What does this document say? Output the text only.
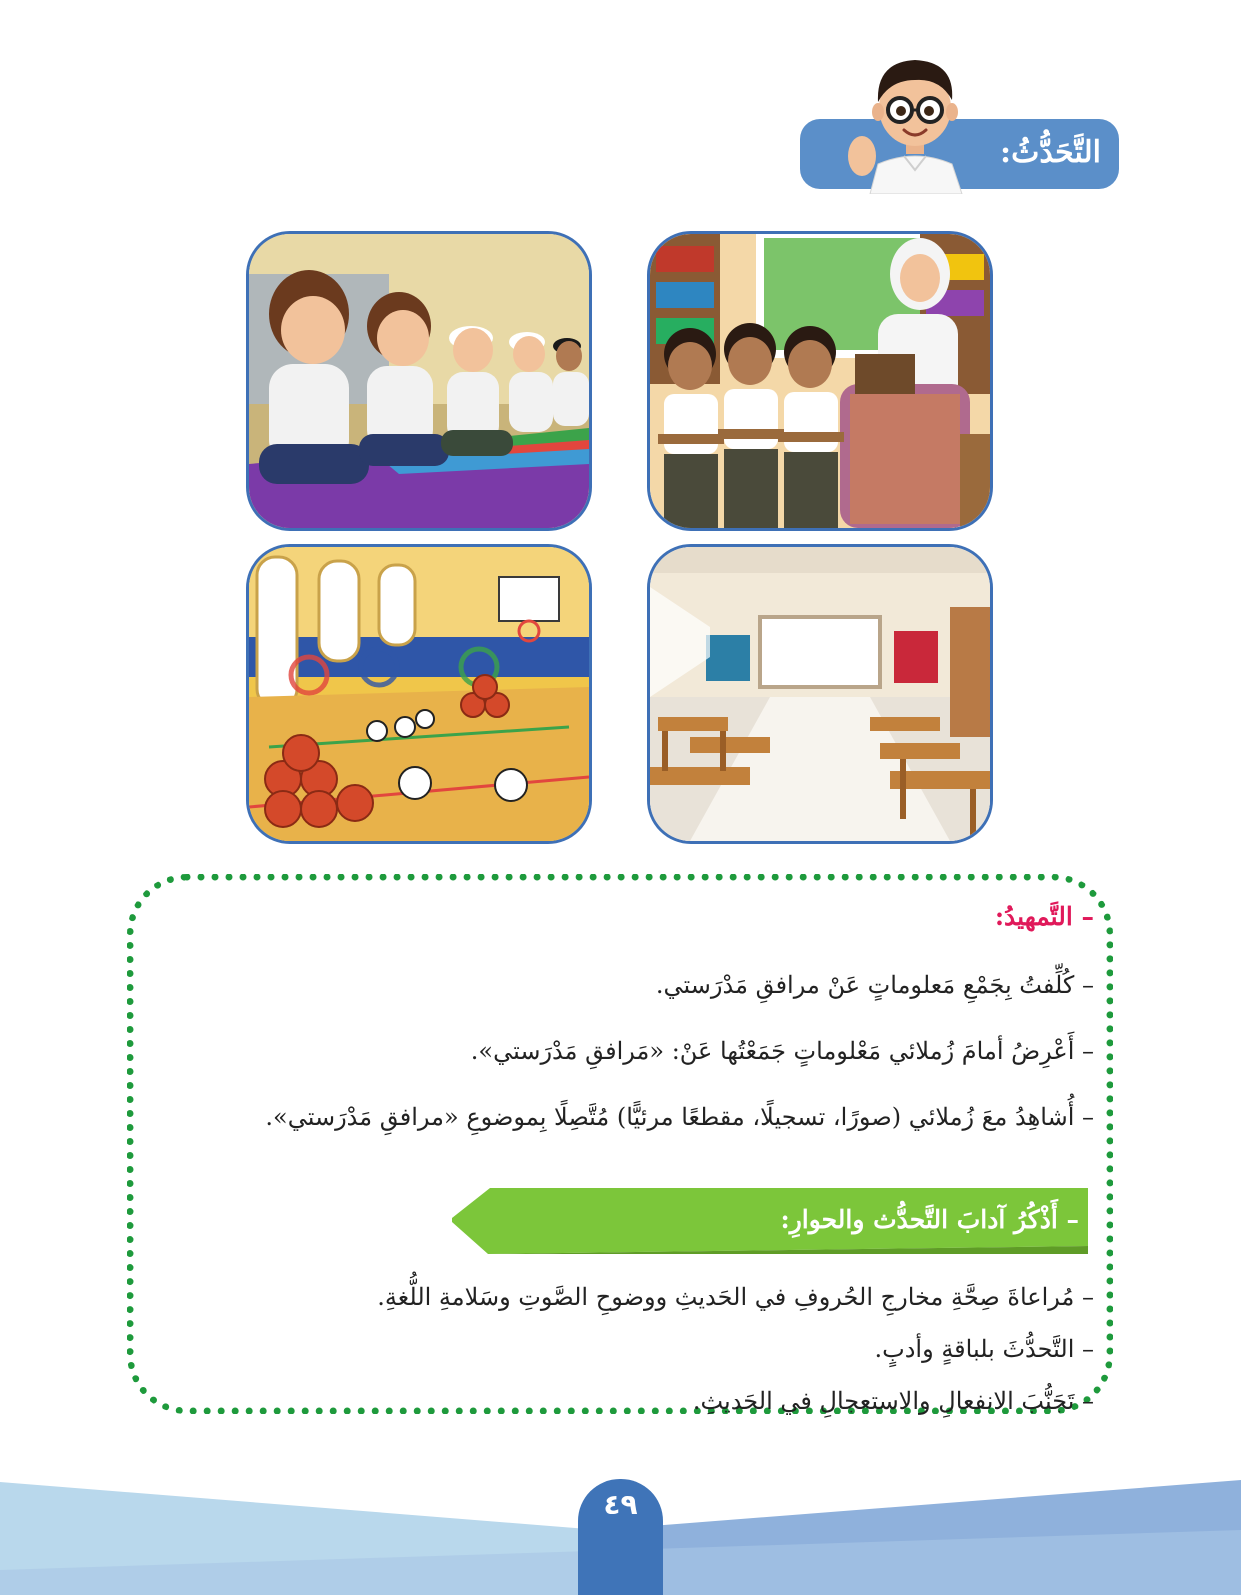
التَّحَدُّثُ:
– التَّمهيدُ:
– كُلِّفتُ بِجَمْعِ مَعلوماتٍ عَنْ مرافقِ مَدْرَستي.
– أَعْرِضُ أمامَ زُملائي مَعْلوماتٍ جَمَعْتُها عَنْ: «مَرافقِ مَدْرَستي».
– أُشاهِدُ معَ زُملائي (صورًا، تسجيلًا، مقطعًا مرئيًّا) مُتَّصِلًا بِموضوعِ «مرافقِ مَدْرَستي».
– أَذْكُرُ آدابَ التَّحدُّث والحوارِ:
– مُراعاةَ صِحَّةِ مخارجِ الحُروفِ في الحَديثِ ووضوحِ الصَّوتِ وسَلامةِ اللُّغةِ.
– التَّحدُّثَ بلباقةٍ وأدبٍ.
– تَجَنُّبَ الانفعالِ والاستعجالِ في الحَديثِ.
٤٩
